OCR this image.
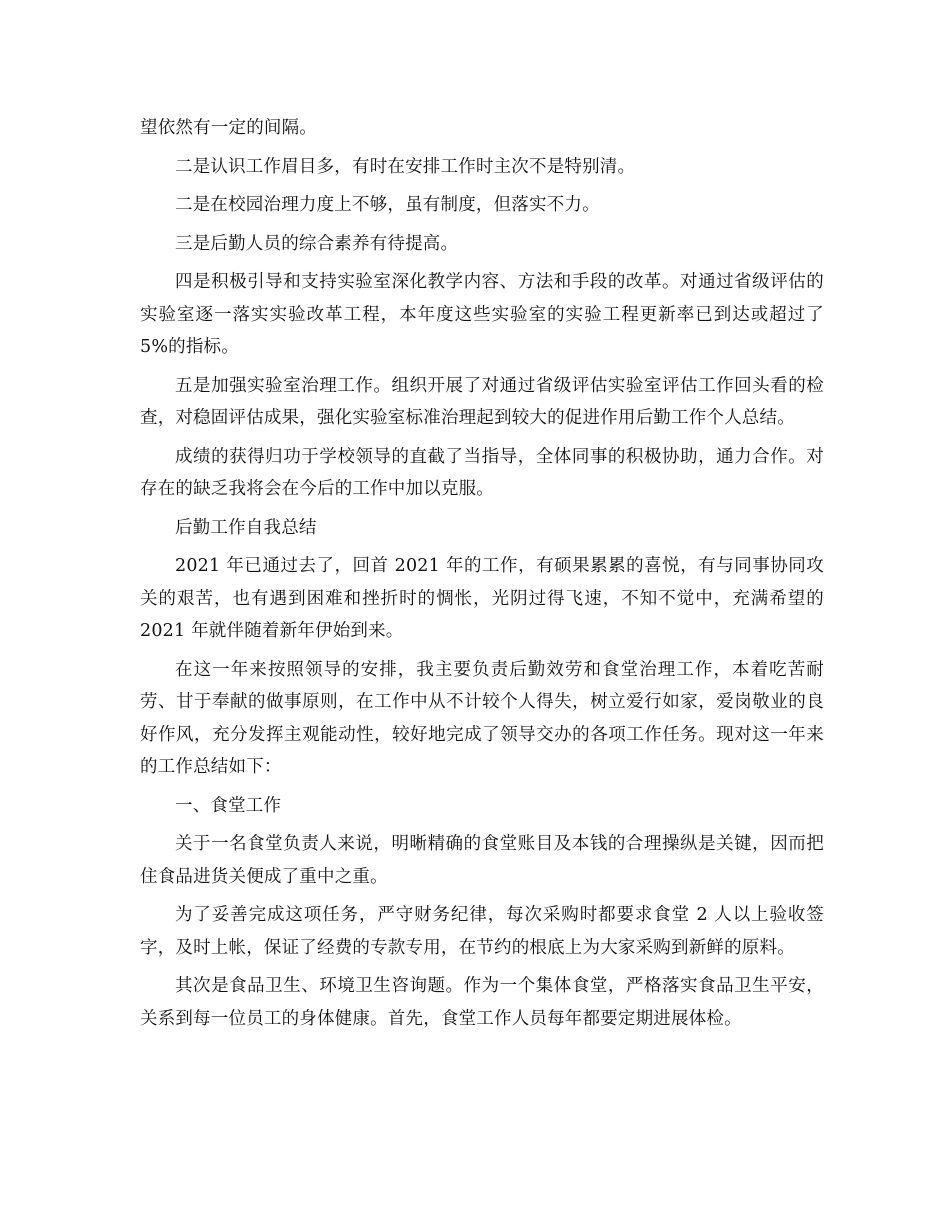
望依然有一定的间隔。

二是认识工作眉目多，有时在安排工作时主次不是特别清。

二是在校园治理力度上不够，虽有制度，但落实不力。

三是后勤人员的综合素养有待提高。

四是积极引导和支持实验室深化教学内容、方法和手段的改革。对通过省级评估的实验室逐一落实实验改革工程，本年度这些实验室的实验工程更新率已到达或超过了 5%的指标。

五是加强实验室治理工作。组织开展了对通过省级评估实验室评估工作回头看的检查，对稳固评估成果，强化实验室标准治理起到较大的促进作用后勤工作个人总结。

成绩的获得归功于学校领导的直截了当指导，全体同事的积极协助，通力合作。对存在的缺乏我将会在今后的工作中加以克服。

后勤工作自我总结

2021 年已通过去了，回首 2021 年的工作，有硕果累累的喜悦，有与同事协同攻关的艰苦，也有遇到困难和挫折时的惆怅，光阴过得飞速，不知不觉中，充满希望的 2021 年就伴随着新年伊始到来。

在这一年来按照领导的安排，我主要负责后勤效劳和食堂治理工作，本着吃苦耐劳、甘于奉献的做事原则，在工作中从不计较个人得失，树立爱行如家，爱岗敬业的良好作风，充分发挥主观能动性，较好地完成了领导交办的各项工作任务。现对这一年来的工作总结如下：

一、食堂工作

关于一名食堂负责人来说，明晰精确的食堂账目及本钱的合理操纵是关键，因而把住食品进货关便成了重中之重。

为了妥善完成这项任务，严守财务纪律，每次采购时都要求食堂 2 人以上验收签字，及时上帐，保证了经费的专款专用，在节约的根底上为大家采购到新鲜的原料。

其次是食品卫生、环境卫生咨询题。作为一个集体食堂，严格落实食品卫生平安，关系到每一位员工的身体健康。首先，食堂工作人员每年都要定期进展体检。
